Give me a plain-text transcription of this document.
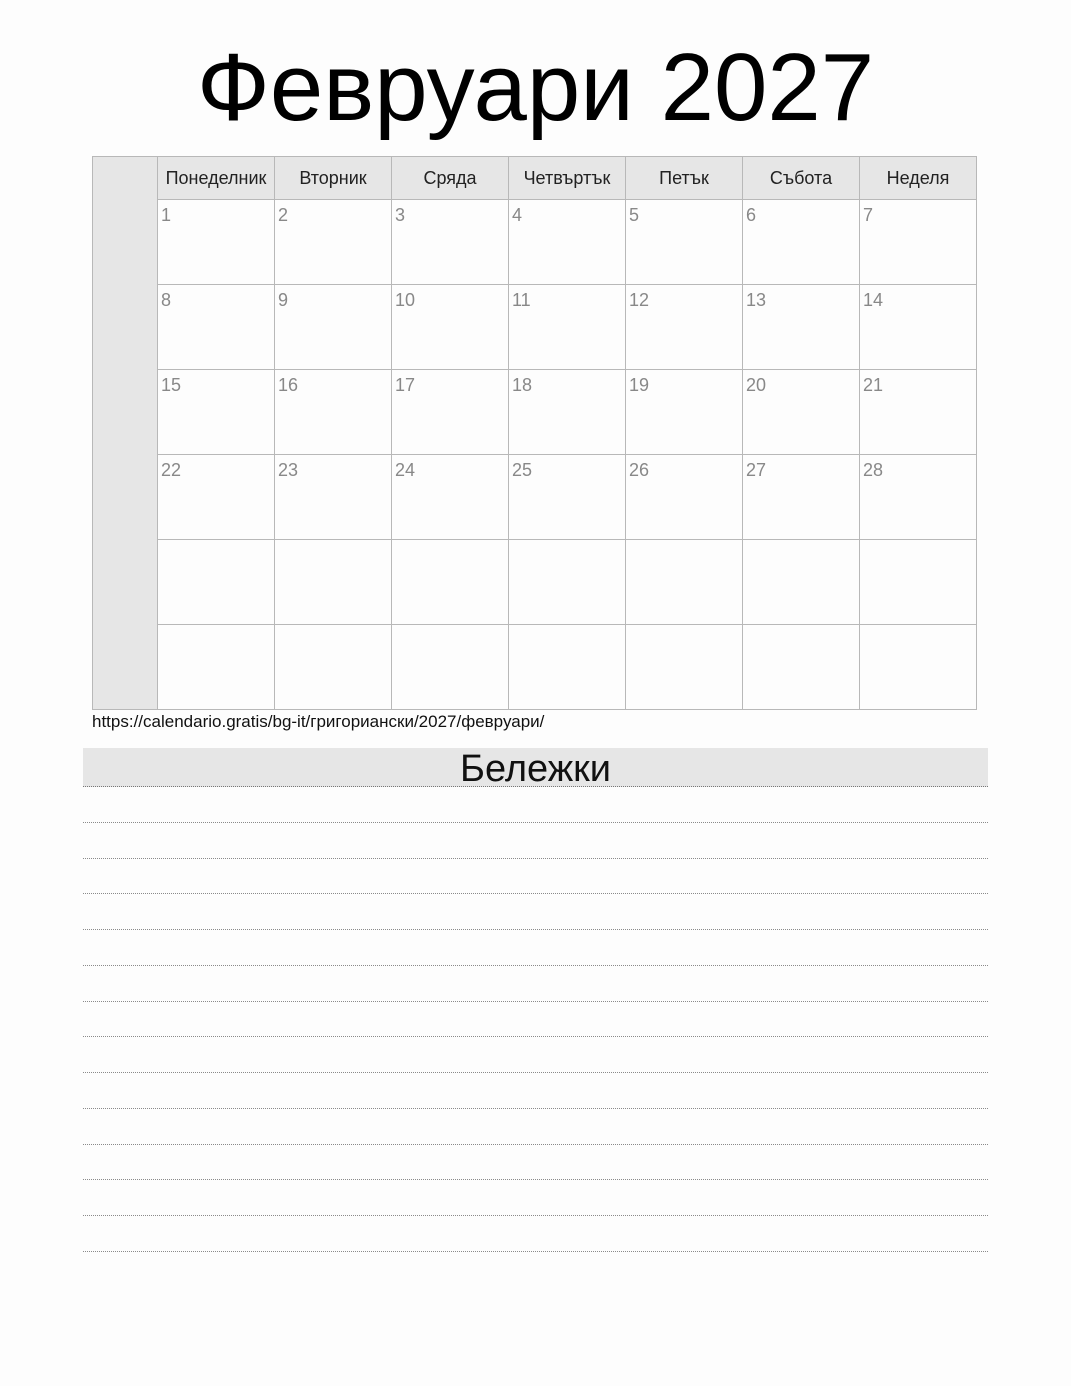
Февруари 2027
Понеделник	Вторник	Сряда	Четвъртък	Петък	Събота	Неделя
1	2	3	4	5	6	7
8	9	10	11	12	13	14
15	16	17	18	19	20	21
22	23	24	25	26	27	28
https://calendario.gratis/bg-it/григориански/2027/февруари/
Бележки
